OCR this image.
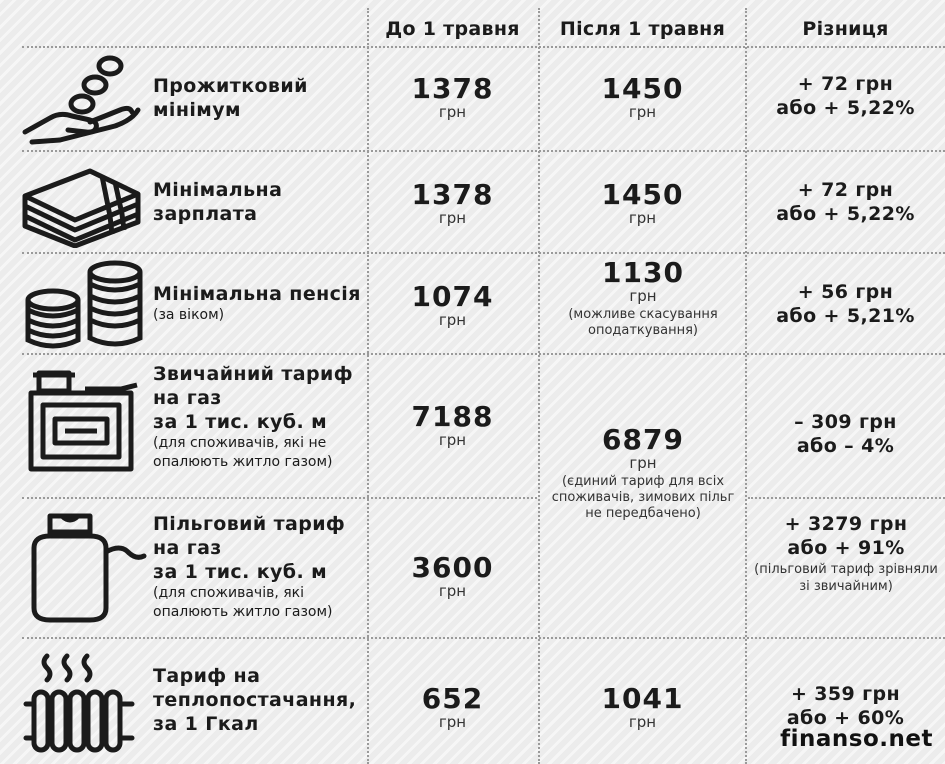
До 1 травня	Після 1 травня	Різниця
Прожитковий
мінімум
1378
грн
1450
грн
+ 72 грн
або + 5,22%
Мінімальна
зарплата
1378
грн
1450
грн
+ 72 грн
або + 5,22%
Мінімальна пенсія
(за віком)
1074
грн
1130
грн
(можливе скасування оподаткування)
+ 56 грн
або + 5,21%
Звичайний тариф
на газ
за 1 тис. куб. м
(для споживачів, які не опалюють житло газом)
7188
грн
– 309 грн
або – 4%
6879
грн
(єдиний тариф для всіх споживачів, зимових пільг не передбачено)
Пільговий тариф
на газ
за 1 тис. куб. м
(для споживачів, які опалюють житло газом)
3600
грн
+ 3279 грн
або + 91%
(пільговий тариф зрівняли зі звичайним)
Тариф на
теплопостачання,
за 1 Гкал
652
грн
1041
грн
+ 359 грн
або + 60%
finanso.net
